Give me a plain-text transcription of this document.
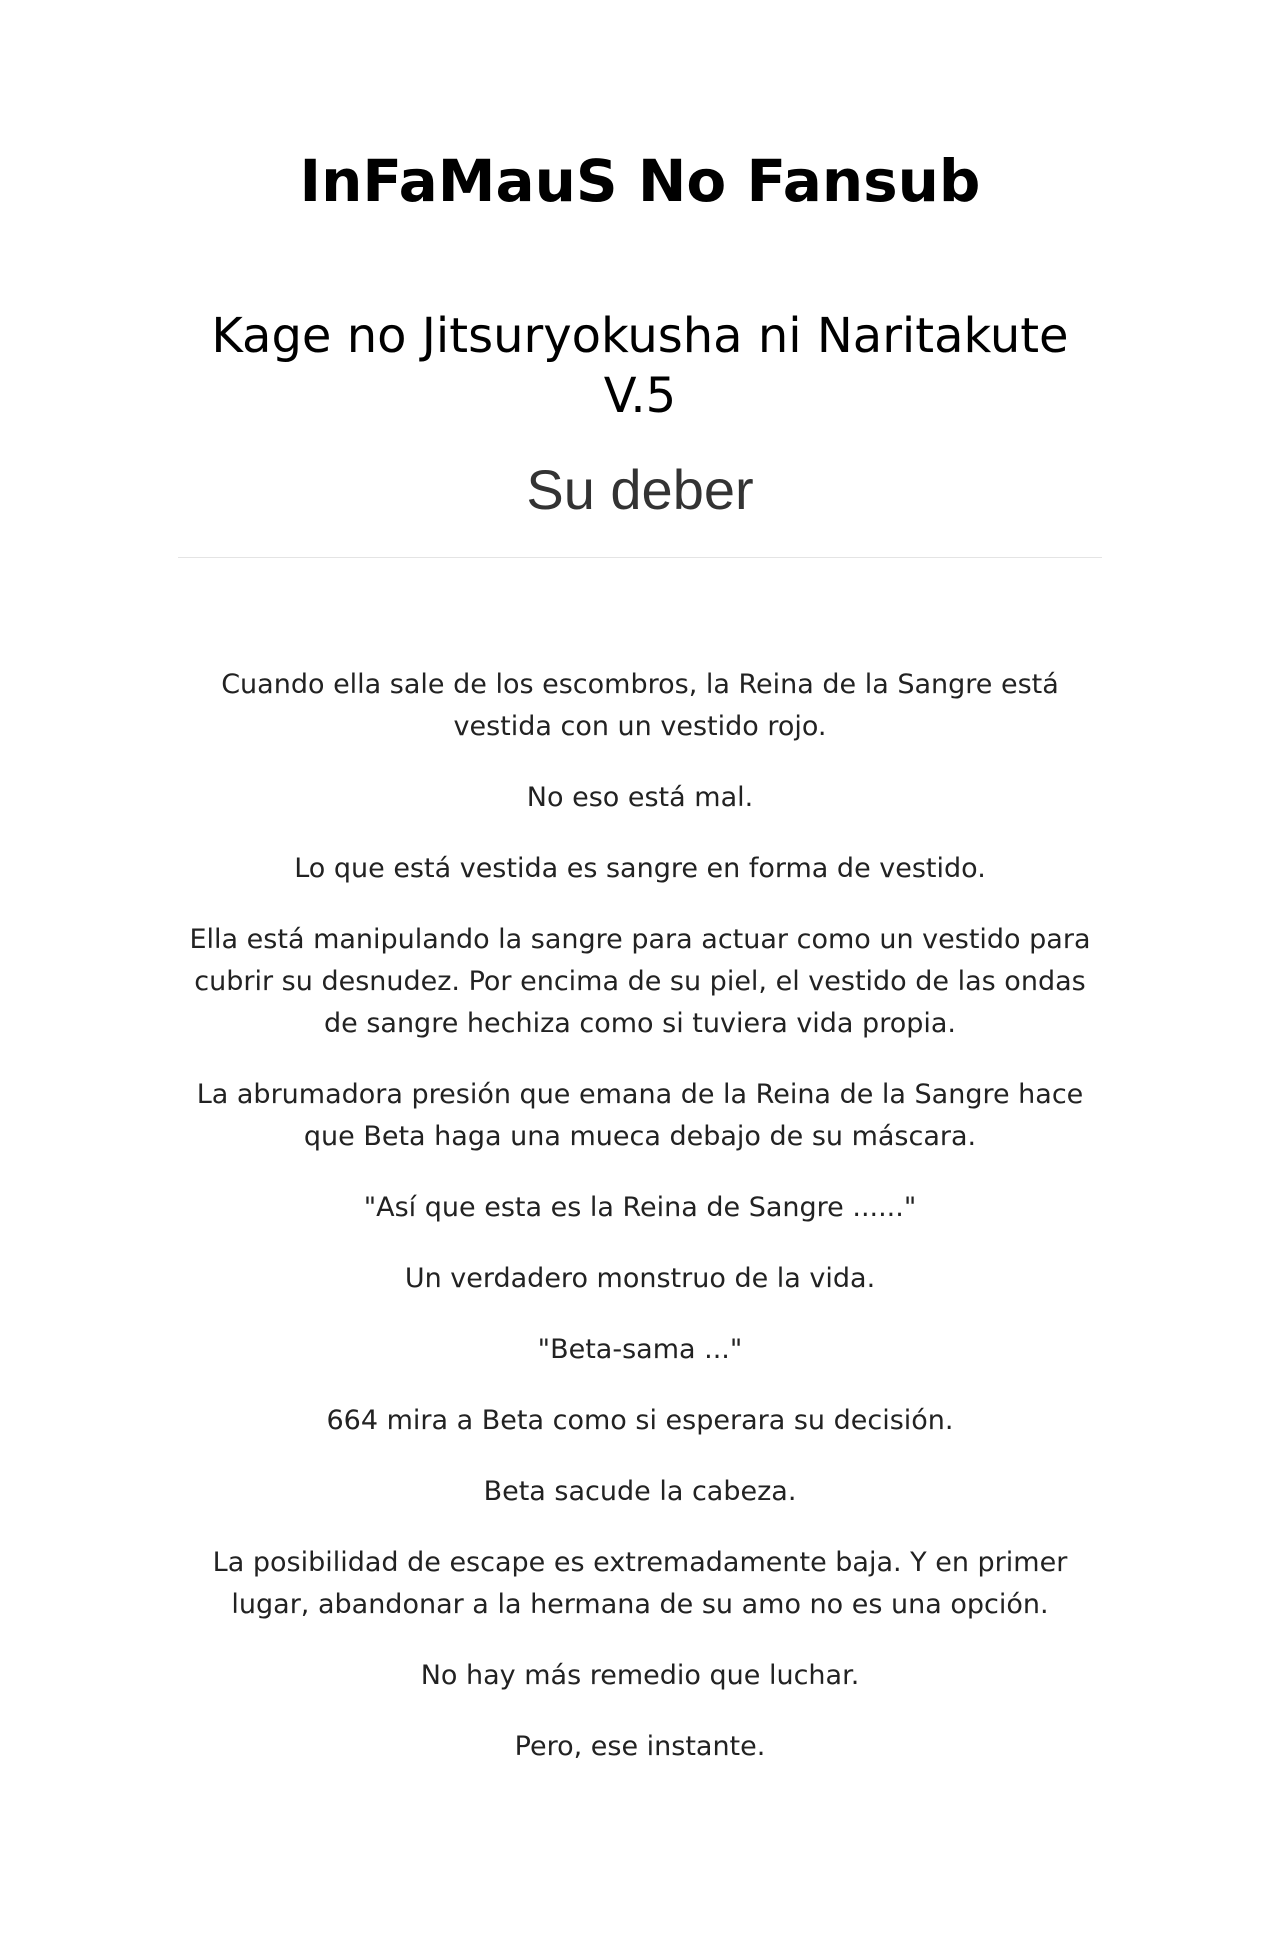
InFaMauS No Fansub
Kage no Jitsuryokusha ni Naritakute V.5
Su deber

Cuando ella sale de los escombros, la Reina de la Sangre está vestida con un vestido rojo.

No eso está mal.

Lo que está vestida es sangre en forma de vestido.

Ella está manipulando la sangre para actuar como un vestido para cubrir su desnudez. Por encima de su piel, el vestido de las ondas de sangre hechiza como si tuviera vida propia.

La abrumadora presión que emana de la Reina de la Sangre hace que Beta haga una mueca debajo de su máscara.

"Así que esta es la Reina de Sangre ......"

Un verdadero monstruo de la vida.

"Beta-sama ..."

664 mira a Beta como si esperara su decisión.

Beta sacude la cabeza.

La posibilidad de escape es extremadamente baja. Y en primer lugar, abandonar a la hermana de su amo no es una opción.

No hay más remedio que luchar.

Pero, ese instante.
